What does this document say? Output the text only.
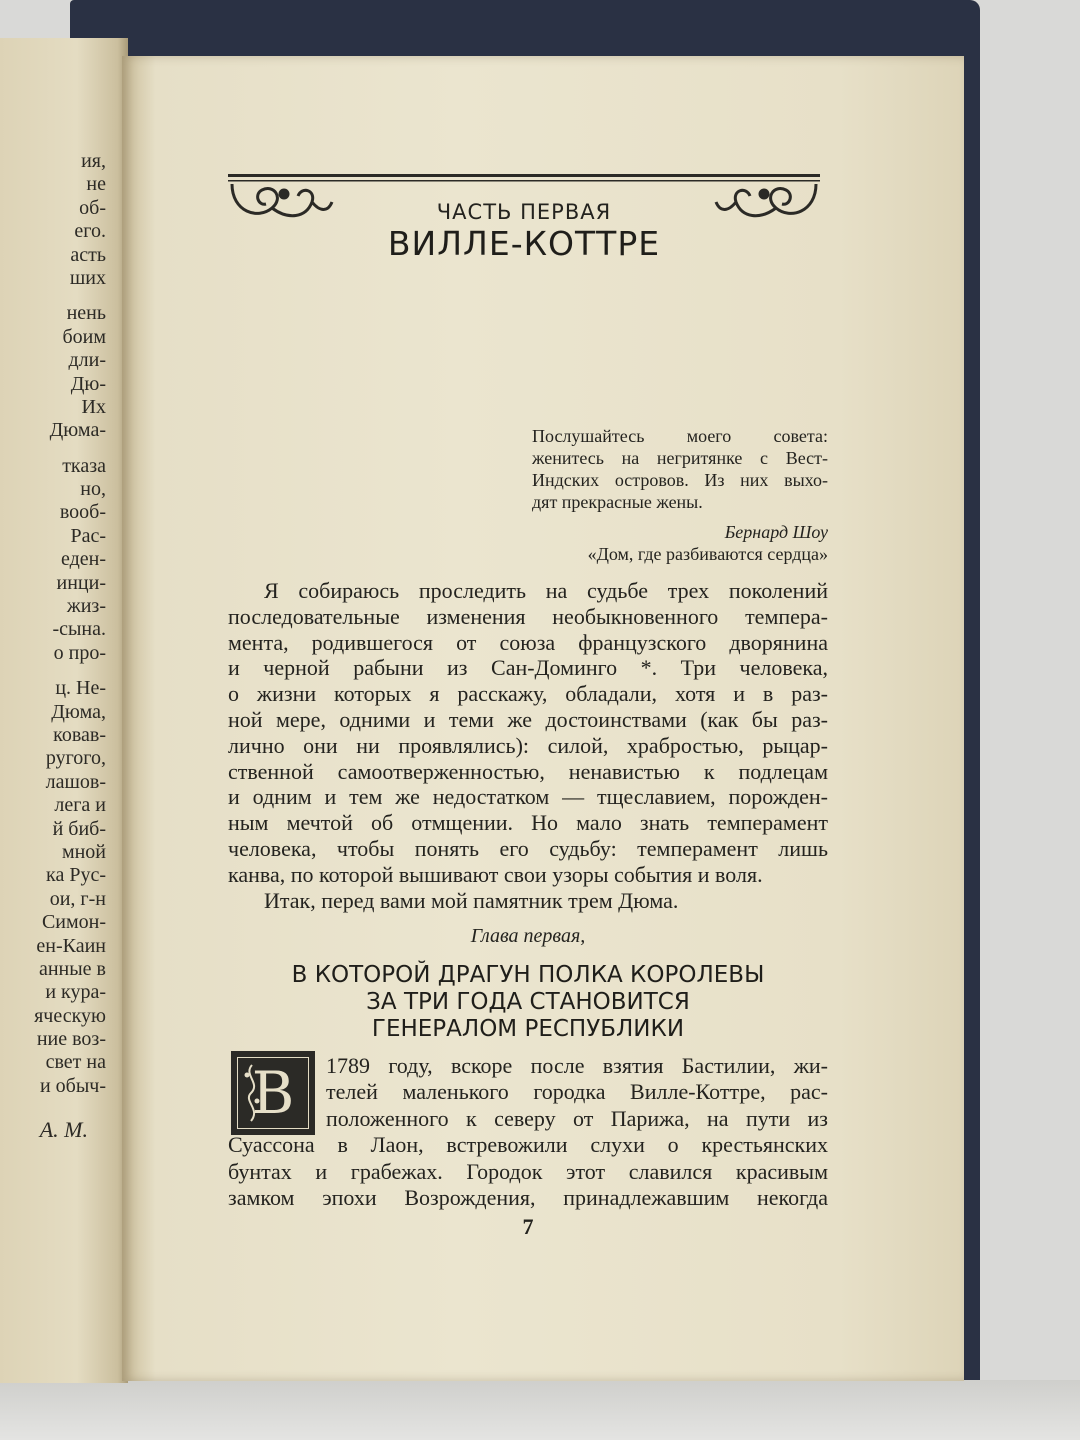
ия,
не
об-
его.
асть
ших
нень
боим
дли-
Дю-
Их
Дюма-
тказа
но,
вооб-
Рас-
еден-
инци-
жиз-
-сына.
о про-
ц. Не-
Дюма,
ковав-
ругого,
лашов-
лега и
й биб-
мной
ка Рус-
ои, г-н
Симон-
ен-Каин
анные в
и кура-
яческую
ние воз-
свет на
и обыч-
А. М.
ЧАСТЬ ПЕРВАЯ
ВИЛЛЕ-КОТТРЕ
Послушайтесь моего совета:
женитесь на негритянке с Вест-
Индских островов. Из них выхо-
дят прекрасные жены.
Бернард Шоу
«Дом, где разбиваются сердца»
Я собираюсь проследить на судьбе трех поколений
последовательные изменения необыкновенного темпера-
мента, родившегося от союза французского дворянина
и черной рабыни из Сан-Доминго *. Три человека,
о жизни которых я расскажу, обладали, хотя и в раз-
ной мере, одними и теми же достоинствами (как бы раз-
лично они ни проявлялись): силой, храбростью, рыцар-
ственной самоотверженностью, ненавистью к подлецам
и одним и тем же недостатком — тщеславием, порожден-
ным мечтой об отмщении. Но мало знать темперамент
человека, чтобы понять его судьбу: темперамент лишь
канва, по которой вышивают свои узоры события и воля.
Итак, перед вами мой памятник трем Дюма.
Глава первая,
В КОТОРОЙ ДРАГУН ПОЛКА КОРОЛЕВЫ
ЗА ТРИ ГОДА СТАНОВИТСЯ
ГЕНЕРАЛОМ РЕСПУБЛИКИ
В	1789 году, вскоре после взятия Бастилии, жи-
телей маленького городка Вилле-Коттре, рас-
положенного к северу от Парижа, на пути из
Суассона в Лаон, встревожили слухи о крестьянских
бунтах и грабежах. Городок этот славился красивым
замком эпохи Возрождения, принадлежавшим некогда
7
